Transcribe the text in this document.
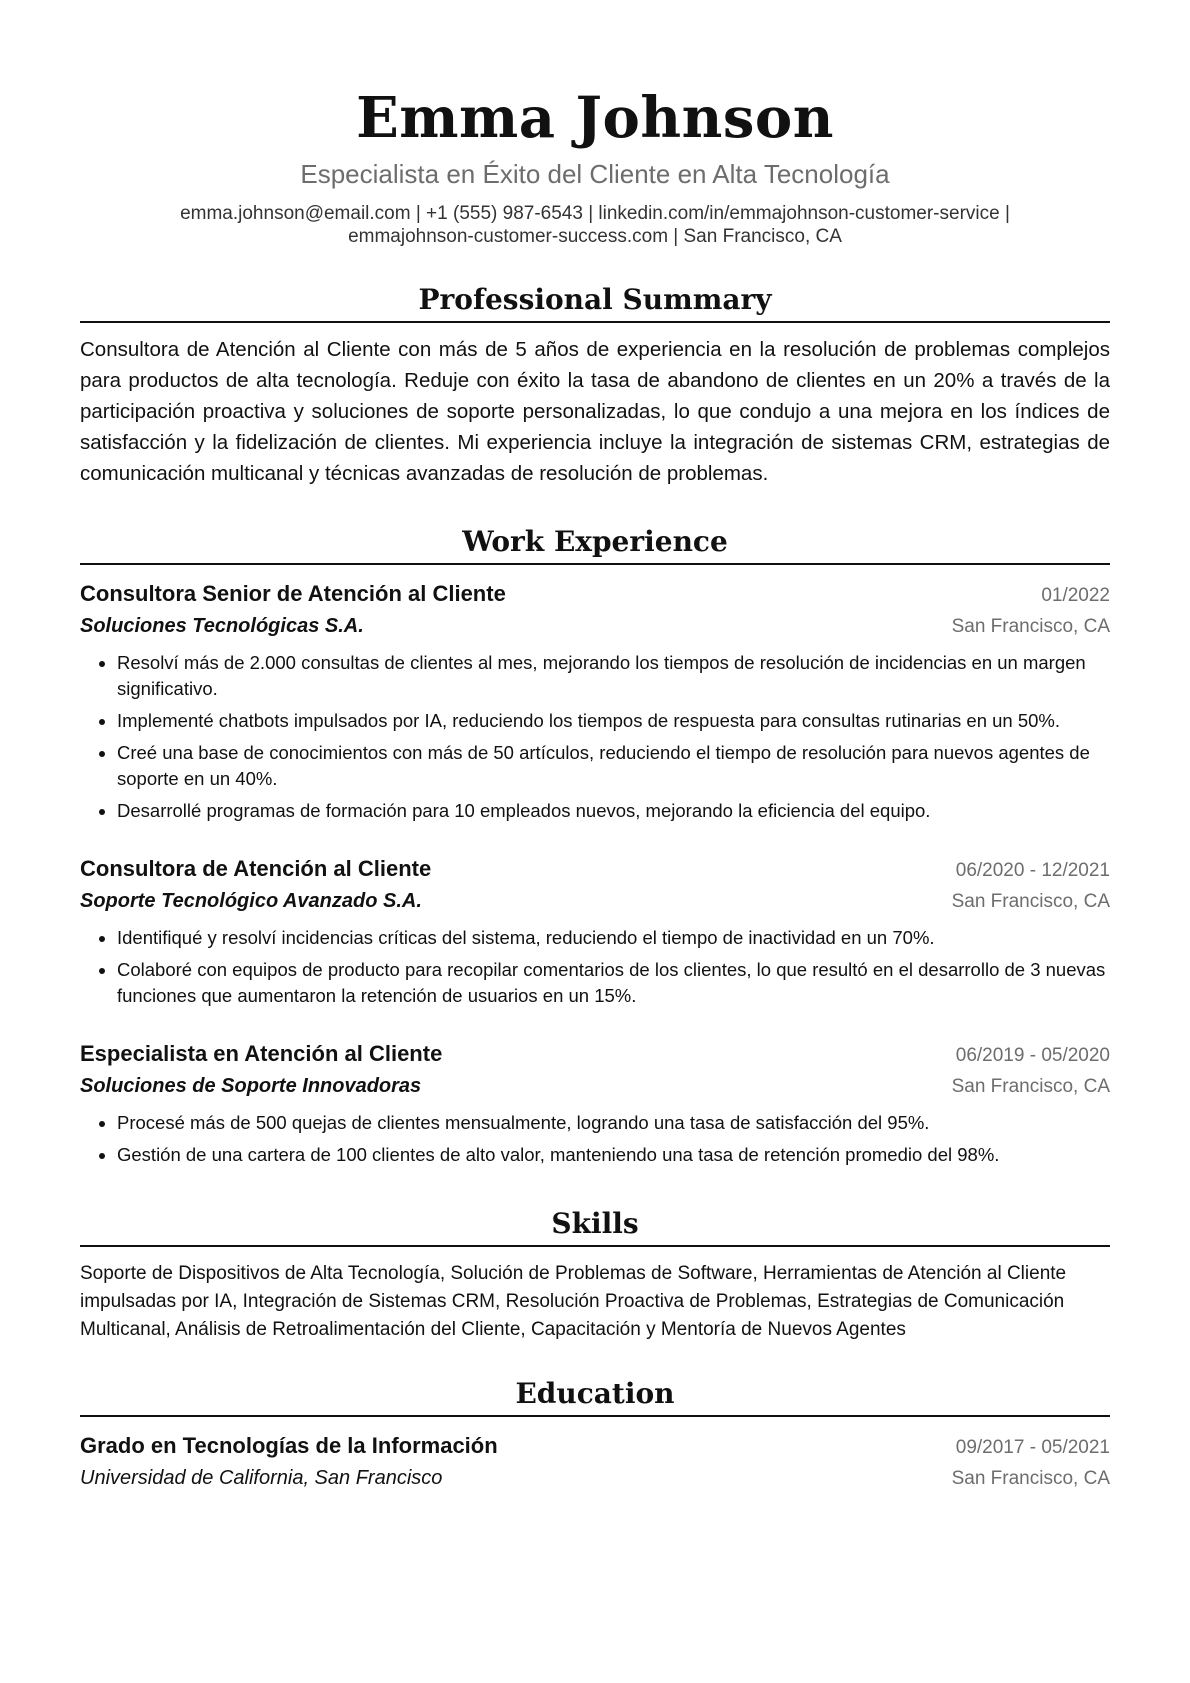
Emma Johnson
Especialista en Éxito del Cliente en Alta Tecnología
emma.johnson@email.com | +1 (555) 987-6543 | linkedin.com/in/emmajohnson-customer-service |
emmajohnson-customer-success.com | San Francisco, CA
Professional Summary

Consultora de Atención al Cliente con más de 5 años de experiencia en la resolución de problemas complejos para productos de alta tecnología. Reduje con éxito la tasa de abandono de clientes en un 20% a través de la participación proactiva y soluciones de soporte personalizadas, lo que condujo a una mejora en los índices de satisfacción y la fidelización de clientes. Mi experiencia incluye la integración de sistemas CRM, estrategias de comunicación multicanal y técnicas avanzadas de resolución de problemas.

Work Experience
Consultora Senior de Atención al Cliente	01/2022
Soluciones Tecnológicas S.A.	San Francisco, CA
• Resolví más de 2.000 consultas de clientes al mes, mejorando los tiempos de resolución de incidencias en un margen significativo.
• Implementé chatbots impulsados por IA, reduciendo los tiempos de respuesta para consultas rutinarias en un 50%.
• Creé una base de conocimientos con más de 50 artículos, reduciendo el tiempo de resolución para nuevos agentes de soporte en un 40%.
• Desarrollé programas de formación para 10 empleados nuevos, mejorando la eficiencia del equipo.
Consultora de Atención al Cliente	06/2020 - 12/2021
Soporte Tecnológico Avanzado S.A.	San Francisco, CA
• Identifiqué y resolví incidencias críticas del sistema, reduciendo el tiempo de inactividad en un 70%.
• Colaboré con equipos de producto para recopilar comentarios de los clientes, lo que resultó en el desarrollo de 3 nuevas funciones que aumentaron la retención de usuarios en un 15%.
Especialista en Atención al Cliente	06/2019 - 05/2020
Soluciones de Soporte Innovadoras	San Francisco, CA
• Procesé más de 500 quejas de clientes mensualmente, logrando una tasa de satisfacción del 95%.
• Gestión de una cartera de 100 clientes de alto valor, manteniendo una tasa de retención promedio del 98%.
Skills
Soporte de Dispositivos de Alta Tecnología, Solución de Problemas de Software, Herramientas de Atención al Cliente impulsadas por IA, Integración de Sistemas CRM, Resolución Proactiva de Problemas, Estrategias de Comunicación Multicanal, Análisis de Retroalimentación del Cliente, Capacitación y Mentoría de Nuevos Agentes
Education
Grado en Tecnologías de la Información	09/2017 - 05/2021
Universidad de California, San Francisco	San Francisco, CA
